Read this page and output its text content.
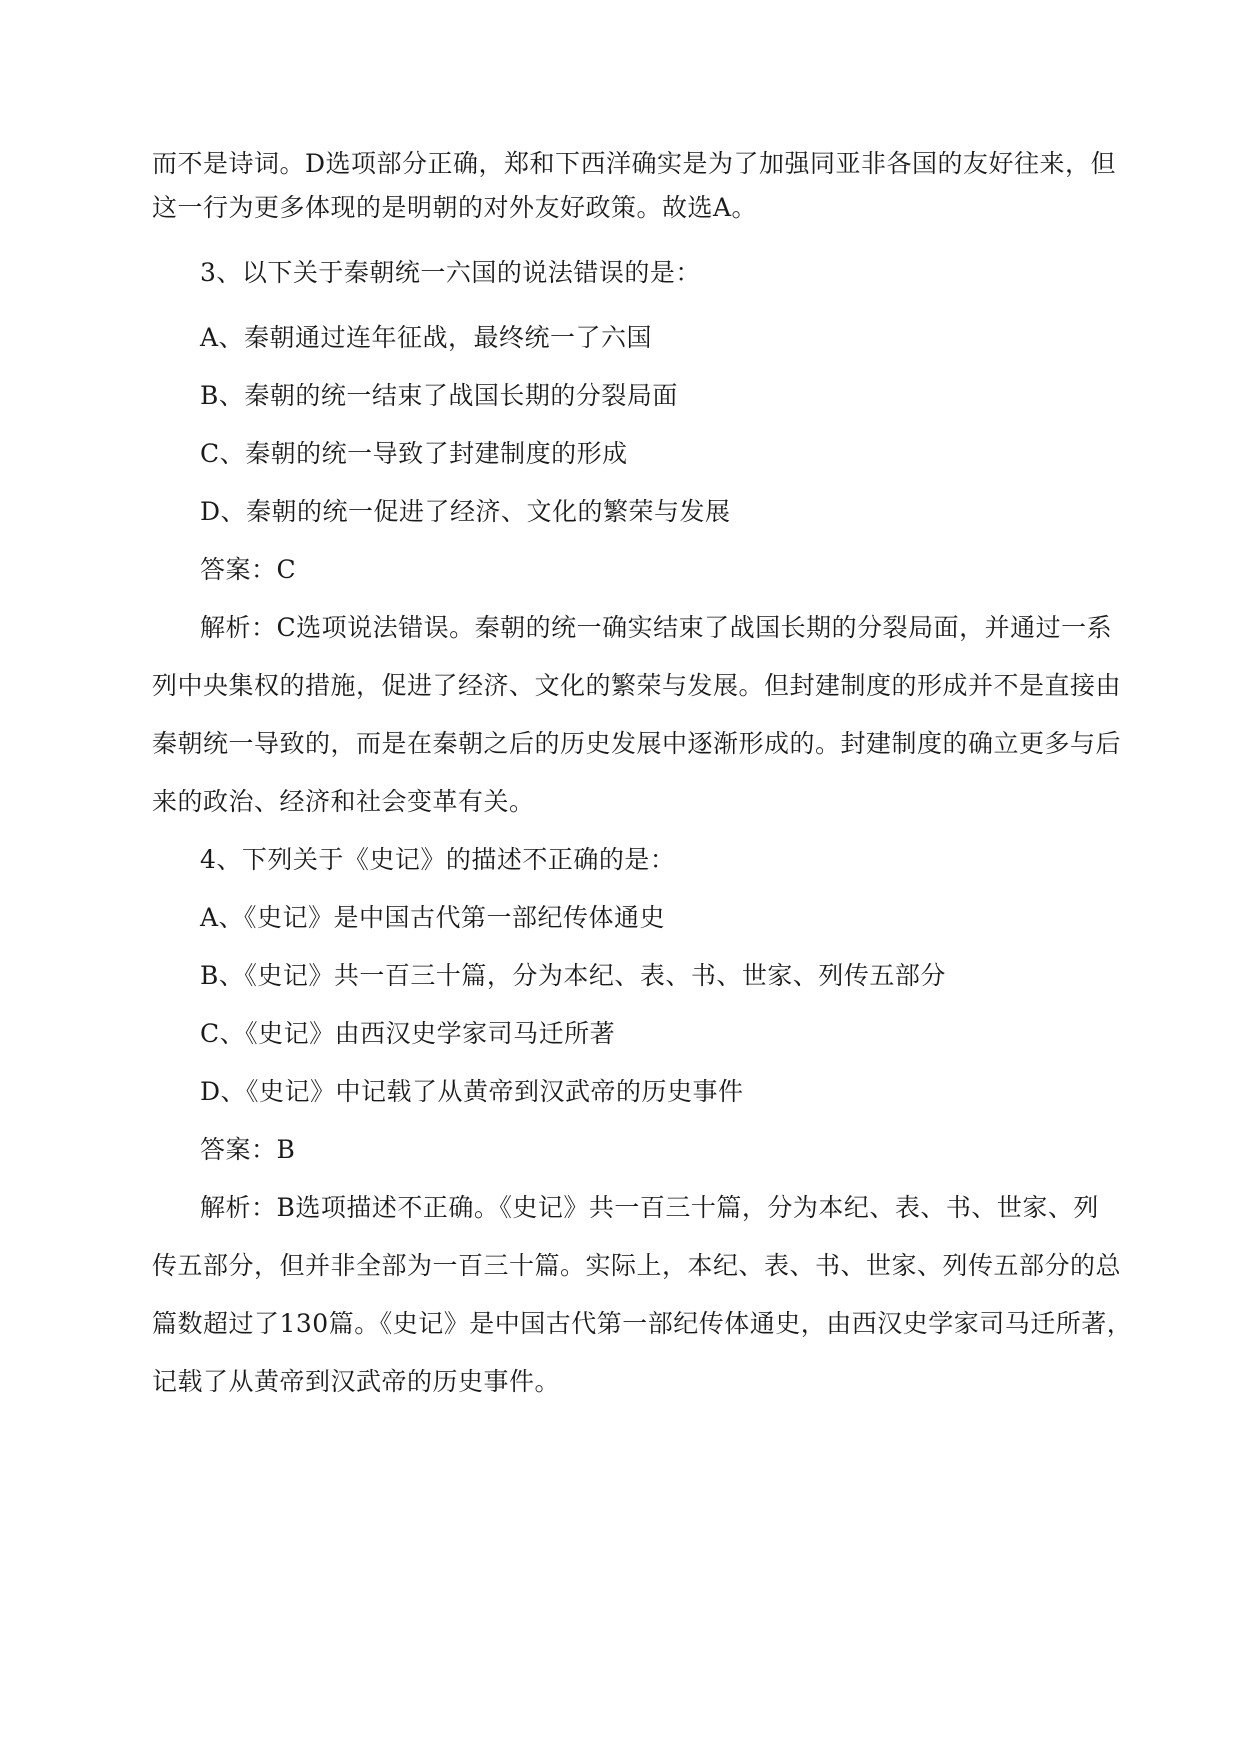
而不是诗词。D选项部分正确，郑和下西洋确实是为了加强同亚非各国的友好往来，但
这一行为更多体现的是明朝的对外友好政策。故选A。
3、以下关于秦朝统一六国的说法错误的是：
A、秦朝通过连年征战，最终统一了六国
B、秦朝的统一结束了战国长期的分裂局面
C、秦朝的统一导致了封建制度的形成
D、秦朝的统一促进了经济、文化的繁荣与发展
答案：C
解析：C选项说法错误。秦朝的统一确实结束了战国长期的分裂局面，并通过一系
列中央集权的措施，促进了经济、文化的繁荣与发展。但封建制度的形成并不是直接由
秦朝统一导致的，而是在秦朝之后的历史发展中逐渐形成的。封建制度的确立更多与后
来的政治、经济和社会变革有关。
4、下列关于《史记》的描述不正确的是：
A、《史记》是中国古代第一部纪传体通史
B、《史记》共一百三十篇，分为本纪、表、书、世家、列传五部分
C、《史记》由西汉史学家司马迁所著
D、《史记》中记载了从黄帝到汉武帝的历史事件
答案：B
解析：B选项描述不正确。《史记》共一百三十篇，分为本纪、表、书、世家、列
传五部分，但并非全部为一百三十篇。实际上，本纪、表、书、世家、列传五部分的总
篇数超过了130篇。《史记》是中国古代第一部纪传体通史，由西汉史学家司马迁所著，
记载了从黄帝到汉武帝的历史事件。
